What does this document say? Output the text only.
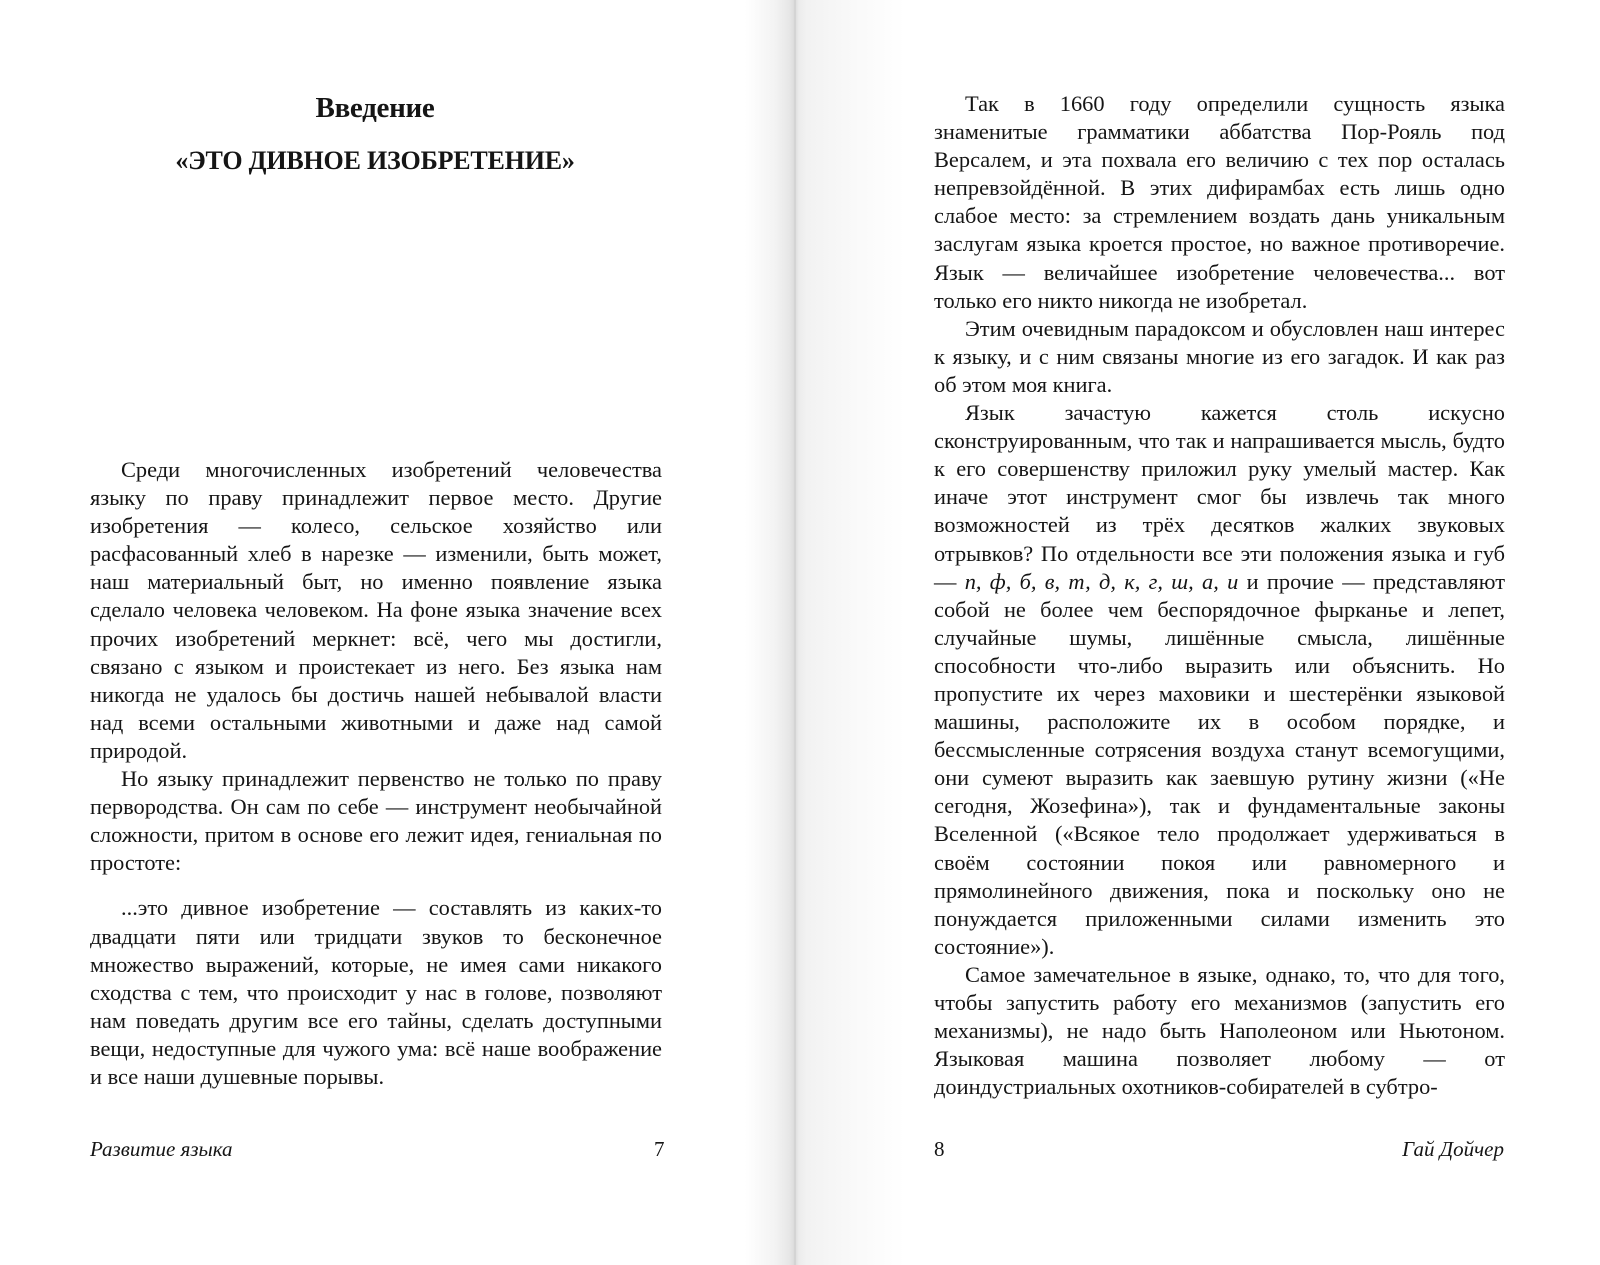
Введение
«ЭТО ДИВНОЕ ИЗОБРЕТЕНИЕ»

Среди многочисленных изобретений человечества языку по праву принадлежит первое место. Другие изобретения — колесо, сельское хозяйство или расфасованный хлеб в нарезке — изменили, быть может, наш материальный быт, но именно появление языка сделало человека человеком. На фоне языка значение всех прочих изобретений меркнет: всё, чего мы достигли, связано с языком и проистекает из него. Без языка нам никогда не удалось бы достичь нашей небывалой власти над всеми остальными животными и даже над самой природой.

Но языку принадлежит первенство не только по праву первородства. Он сам по себе — инструмент необычайной сложности, притом в основе его лежит идея, гениальная по простоте:

...это дивное изобретение — составлять из каких-то двадцати пяти или тридцати звуков то бесконечное множество выражений, которые, не имея сами никакого сходства с тем, что происходит у нас в голове, позволяют нам поведать другим все его тайны, сделать доступными вещи, недоступные для чужого ума: всё наше воображение и все наши душевные порывы.

Развитие языка	7	8	Гай Дойчер

Так в 1660 году определили сущность языка знаменитые грамматики аббатства Пор-Рояль под Версалем, и эта похвала его величию с тех пор осталась непревзойдённой. В этих дифирамбах есть лишь одно слабое место: за стремлением воздать дань уникальным заслугам языка кроется простое, но важное противоречие. Язык — величайшее изобретение человечества... вот только его никто никогда не изобретал.

Этим очевидным парадоксом и обусловлен наш интерес к языку, и с ним связаны многие из его загадок. И как раз об этом моя книга.

Язык зачастую кажется столь искусно сконструированным, что так и напрашивается мысль, будто к его совершенству приложил руку умелый мастер. Как иначе этот инструмент смог бы извлечь так много возможностей из трёх десятков жалких звуковых отрывков? По отдельности все эти положения языка и губ — п, ф, б, в, т, д, к, г, ш, а, и и прочие — представляют собой не более чем беспорядочное фырканье и лепет, случайные шумы, лишённые смысла, лишённые способности что-либо выразить или объяснить. Но пропустите их через маховики и шестерёнки языковой машины, расположите их в особом порядке, и бессмысленные сотрясения воздуха станут всемогущими, они сумеют выразить как заевшую рутину жизни («Не сегодня, Жозефина»), так и фундаментальные законы Вселенной («Всякое тело продолжает удерживаться в своём состоянии покоя или равномерного и прямолинейного движения, пока и поскольку оно не понуждается приложенными силами изменить это состояние»).

Самое замечательное в языке, однако, то, что для того, чтобы запустить работу его механизмов (запустить его механизмы), не надо быть Наполеоном или Ньютоном. Языковая машина позволяет любому — от доиндустриальных охотников-собирателей в субтро-
